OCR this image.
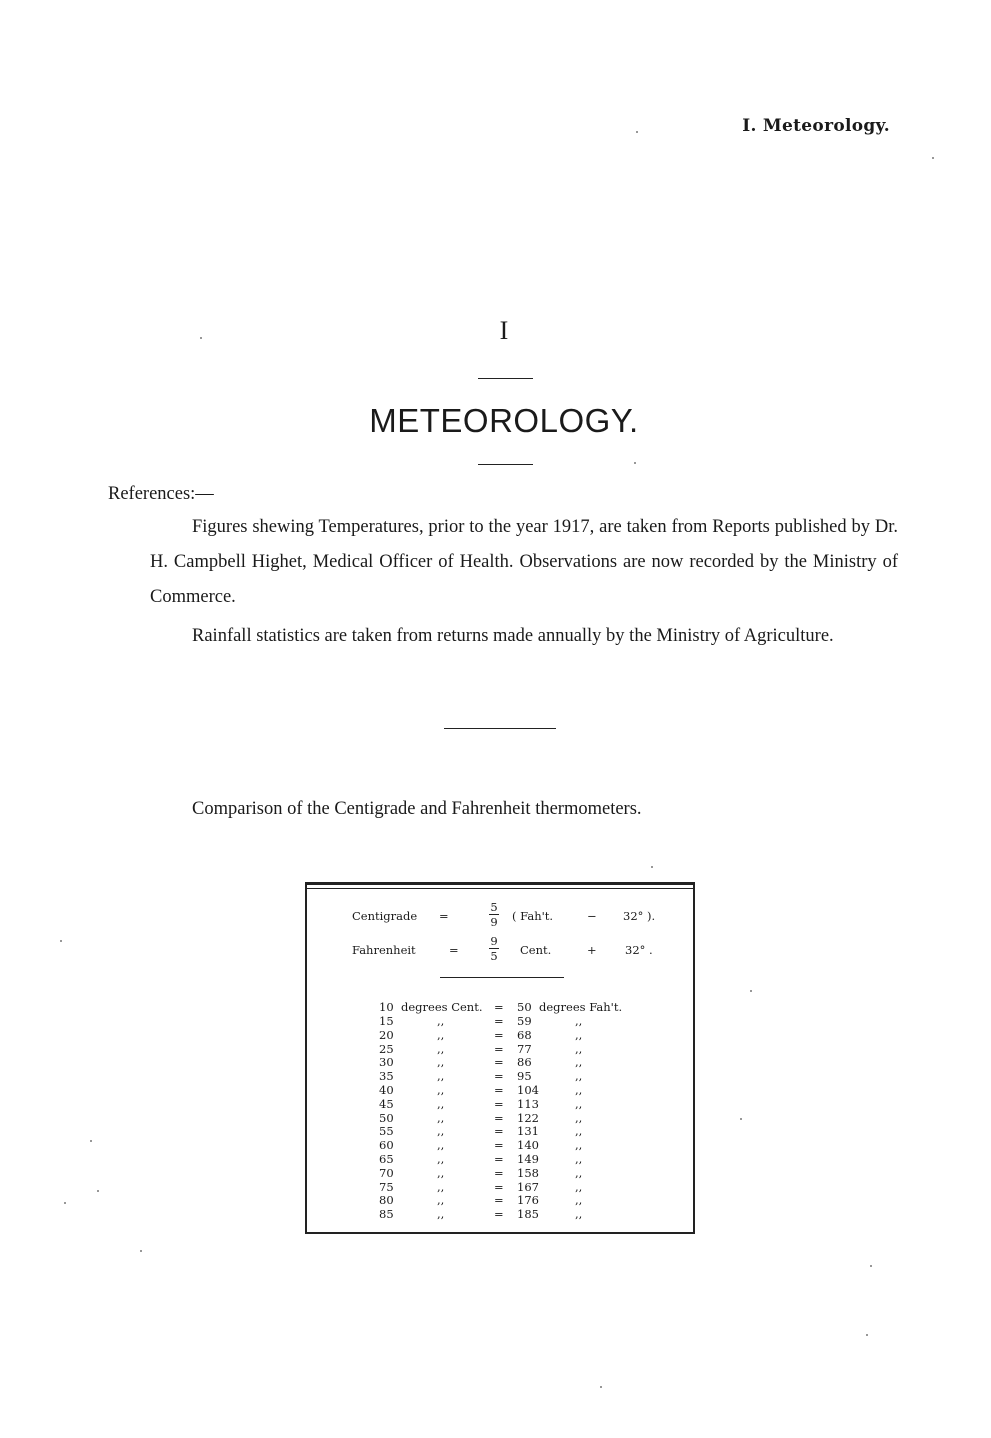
I. Meteorology.
I
METEOROLOGY.
References:—

Figures shewing Temperatures, prior to the year 1917, are taken from Reports published by Dr. H. Campbell Highet, Medical Officer of Health. Observations are now recorded by the Ministry of Commerce.

Rainfall statistics are taken from returns made annually by the Ministry of Agriculture.

Comparison of the Centigrade and Fahrenheit thermometers.
Centigrade =
5
9 ( Fah't.	− 32° ).
Fahrenheit	=
9
5 Cent.	+ 32° .
10 degrees Cent. = 50 degrees Fah't.
15	,,	= 59	,,
20	,,	= 68	,,
25	,,	= 77	,,
30	,,	= 86	,,
35	,,	= 95	,,
40	,,	= 104	,,
45	,,	= 113	,,
50	,,	= 122	,,
55	,,	= 131	,,
60	,,	= 140	,,
65	,,	= 149	,,
70	,,	= 158	,,
75	,,	= 167	,,
80	,,	= 176	,,
85	,,	= 185	,,
